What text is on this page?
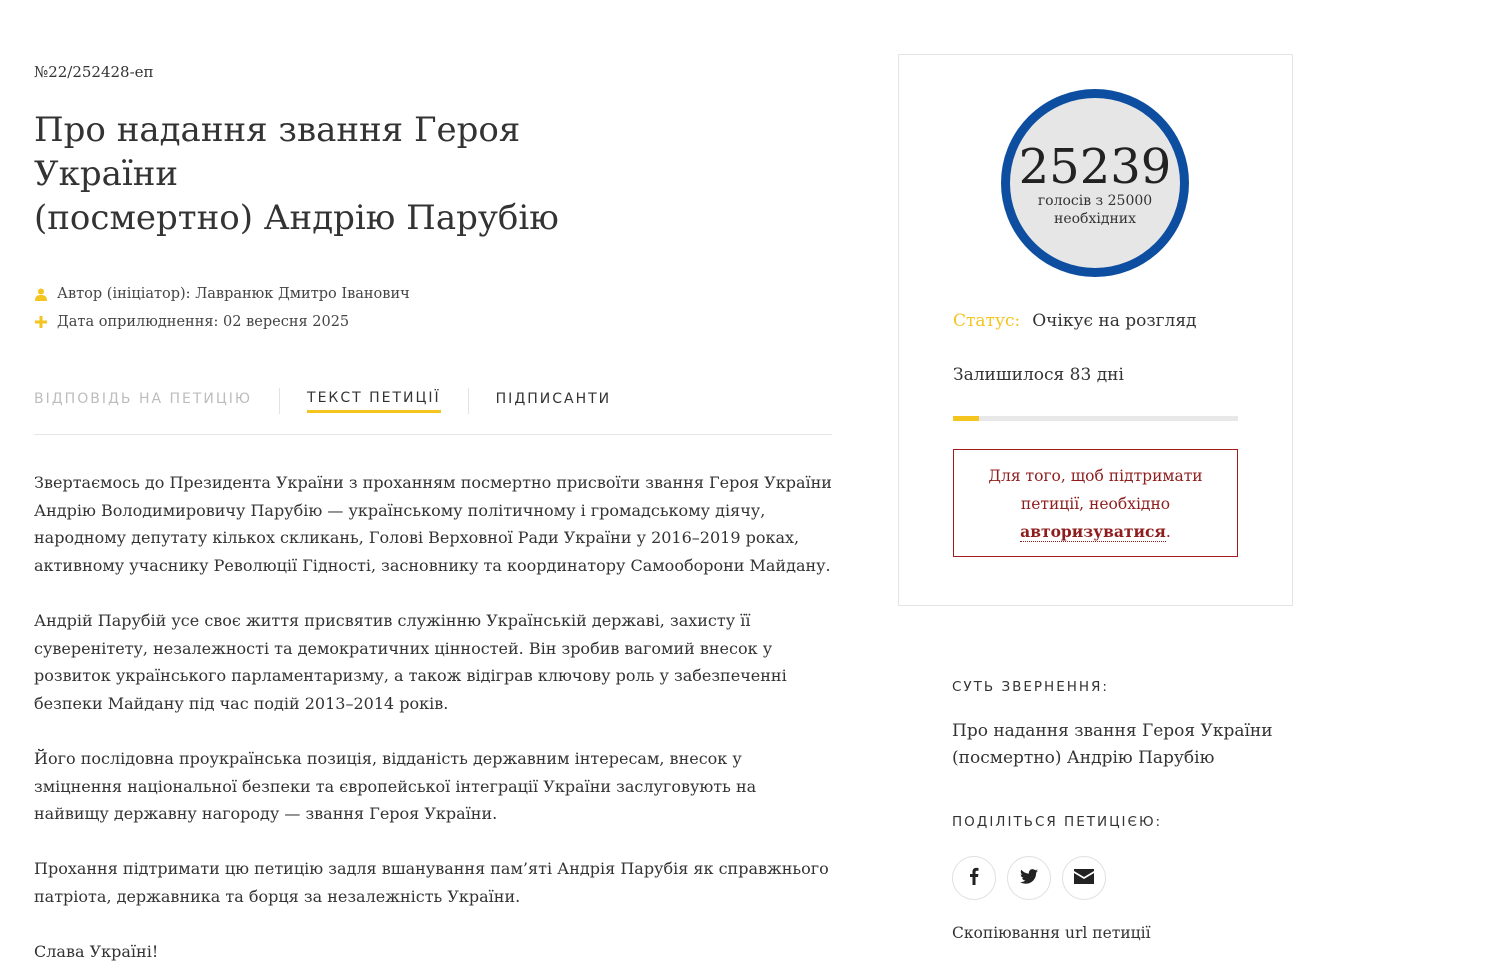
№22/252428-еп

Про надання звання Героя України
(посмертно) Андрію Парубію
Автор (ініціатор):
Лавранюк Дмитро Іванович
Дата оприлюднення:
02 вересня 2025
ВІДПОВІДЬ НА ПЕТИЦІЮ	ТЕКСТ ПЕТИЦІЇ	ПІДПИСАНТИ

Звертаємось до Президента України з проханням посмертно присвоїти звання Героя України Андрію Володимировичу Парубію — українському політичному і громадському діячу, народному депутату кількох скликань, Голові Верховної Ради України у 2016–2019 роках, активному учаснику Революції Гідності, засновнику та координатору Самооборони Майдану.

Андрій Парубій усе своє життя присвятив служінню Українській державі, захисту її суверенітету, незалежності та демократичних цінностей. Він зробив вагомий внесок у розвиток українського парламентаризму, а також відіграв ключову роль у забезпеченні безпеки Майдану під час подій 2013–2014 років.

Його послідовна проукраїнська позиція, відданість державним інтересам, внесок у зміцнення національної безпеки та європейської інтеграції України заслуговують на найвищу державну нагороду — звання Героя України.

Прохання підтримати цю петицію задля вшанування пам’яті Андрія Парубія як справжнього патріота, державника та борця за незалежність України.

Слава Україні!

25239
голосів з 25000
необхідних
Статус: Очікує на розгляд
Залишилося 83 дні
Для того, щоб підтримати
петиції, необхідно
авторизуватися.
СУТЬ ЗВЕРНЕННЯ:
Про надання звання Героя України
(посмертно) Андрію Парубію
ПОДІЛІТЬСЯ ПЕТИЦІЄЮ:
Скопіювання url петиції
